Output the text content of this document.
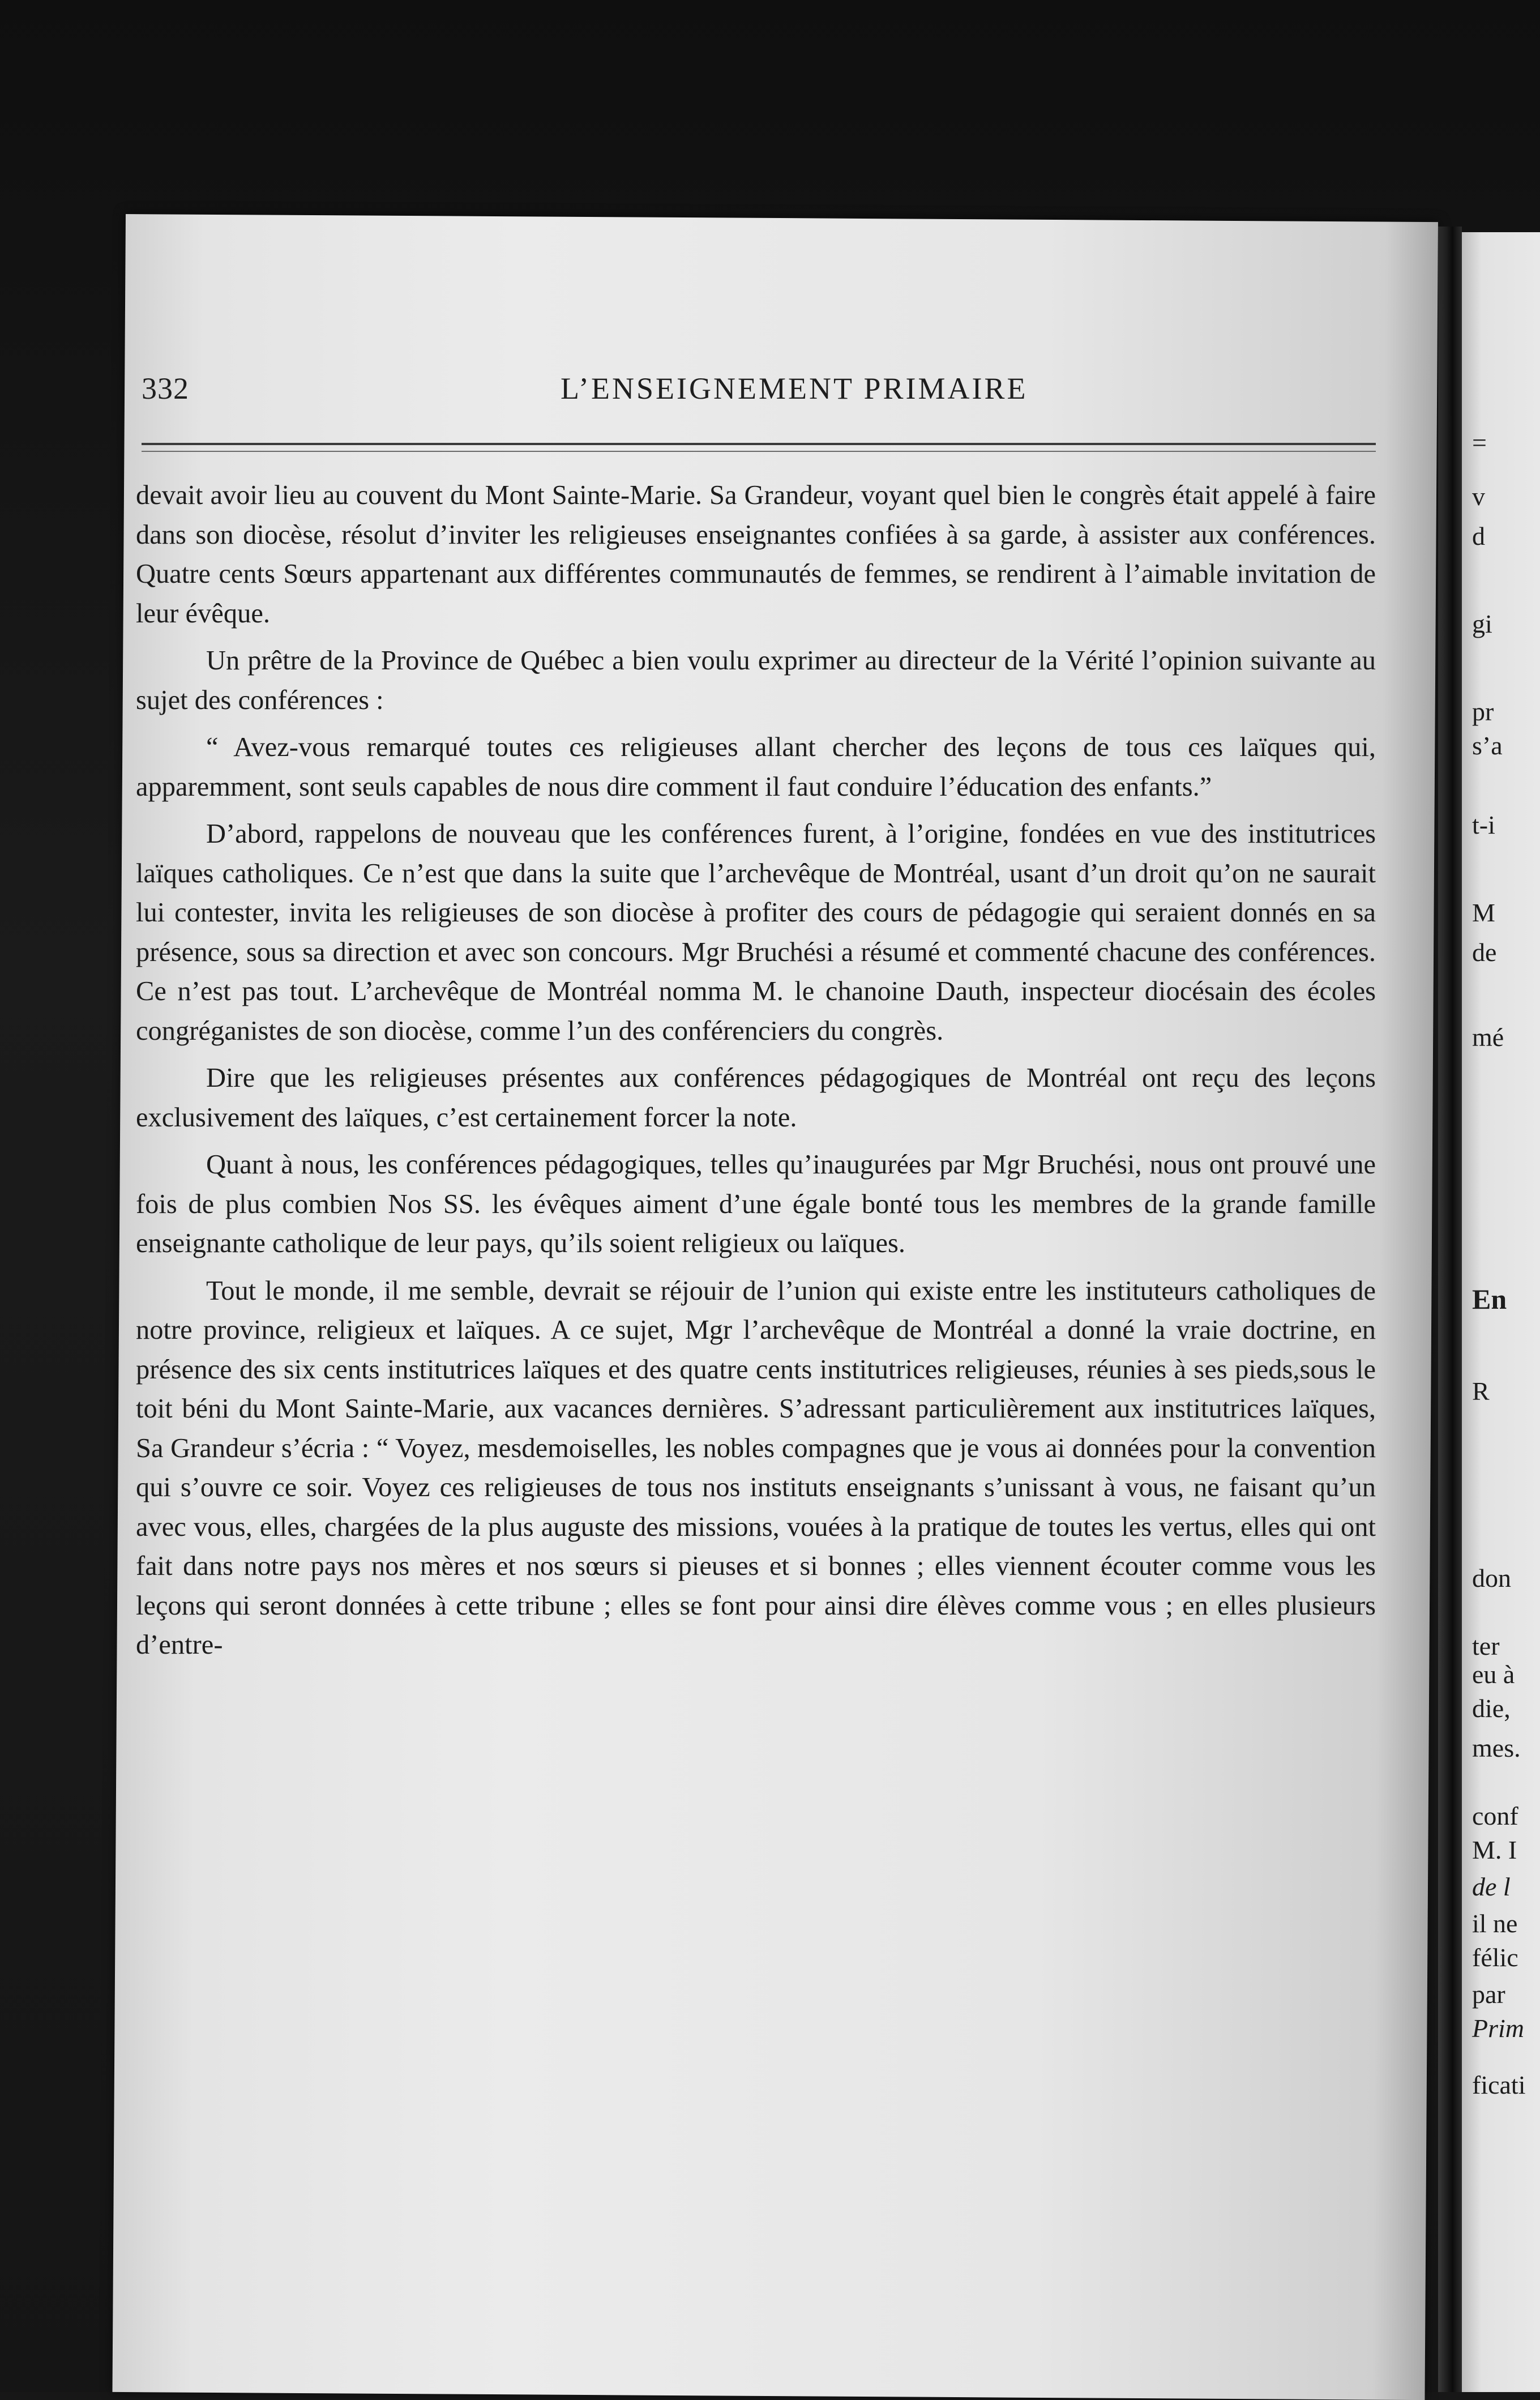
332	L’ENSEIGNEMENT PRIMAIRE

devait avoir lieu au couvent du Mont Sainte-Marie. Sa Grandeur, voyant quel bien le congrès était appelé à faire dans son diocèse, résolut d’inviter les religieuses enseignantes confiées à sa garde, à assister aux conférences. Quatre cents Sœurs appartenant aux différentes communautés de femmes, se rendirent à l’aimable invitation de leur évêque.

Un prêtre de la Province de Québec a bien voulu exprimer au directeur de la Vérité l’opinion suivante au sujet des conférences :

“ Avez-vous remarqué toutes ces religieuses allant chercher des leçons de tous ces laïques qui, apparemment, sont seuls capables de nous dire comment il faut conduire l’éducation des enfants.”

D’abord, rappelons de nouveau que les conférences furent, à l’origine, fondées en vue des institutrices laïques catholiques. Ce n’est que dans la suite que l’archevêque de Montréal, usant d’un droit qu’on ne saurait lui contester, invita les religieuses de son diocèse à profiter des cours de pédagogie qui seraient donnés en sa présence, sous sa direction et avec son concours. Mgr Bruchési a résumé et commenté chacune des conférences. Ce n’est pas tout. L’archevêque de Montréal nomma M. le chanoine Dauth, inspecteur diocésain des écoles congréganistes de son diocèse, comme l’un des conférenciers du congrès.

Dire que les religieuses présentes aux conférences pédagogiques de Montréal ont reçu des leçons exclusivement des laïques, c’est certainement forcer la note.

Quant à nous, les conférences pédagogiques, telles qu’inaugurées par Mgr Bruchési, nous ont prouvé une fois de plus combien Nos SS. les évêques aiment d’une égale bonté tous les membres de la grande famille enseignante catholique de leur pays, qu’ils soient religieux ou laïques.

Tout le monde, il me semble, devrait se réjouir de l’union qui existe entre les instituteurs catholiques de notre province, religieux et laïques. A ce sujet, Mgr l’archevêque de Montréal a donné la vraie doctrine, en présence des six cents institutrices laïques et des quatre cents institutrices religieuses, réunies à ses pieds,sous le toit béni du Mont Sainte-Marie, aux vacances dernières. S’adressant particulièrement aux institutrices laïques, Sa Grandeur s’écria : “ Voyez, mesdemoiselles, les nobles compagnes que je vous ai données pour la convention qui s’ouvre ce soir. Voyez ces religieuses de tous nos instituts enseignants s’unissant à vous, ne faisant qu’un avec vous, elles, chargées de la plus auguste des missions, vouées à la pratique de toutes les vertus, elles qui ont fait dans notre pays nos mères et nos sœurs si pieuses et si bonnes ; elles viennent écouter comme vous les leçons qui seront données à cette tribune ; elles se font pour ainsi dire élèves comme vous ; en elles plusieurs d’entre-

=
v
d
gi
pr
s’a
t-i
M
de
mé
En
R
don
ter
eu à
die,
mes.
conf
M. I
de l
il ne
félic
par
Prim
ficati
